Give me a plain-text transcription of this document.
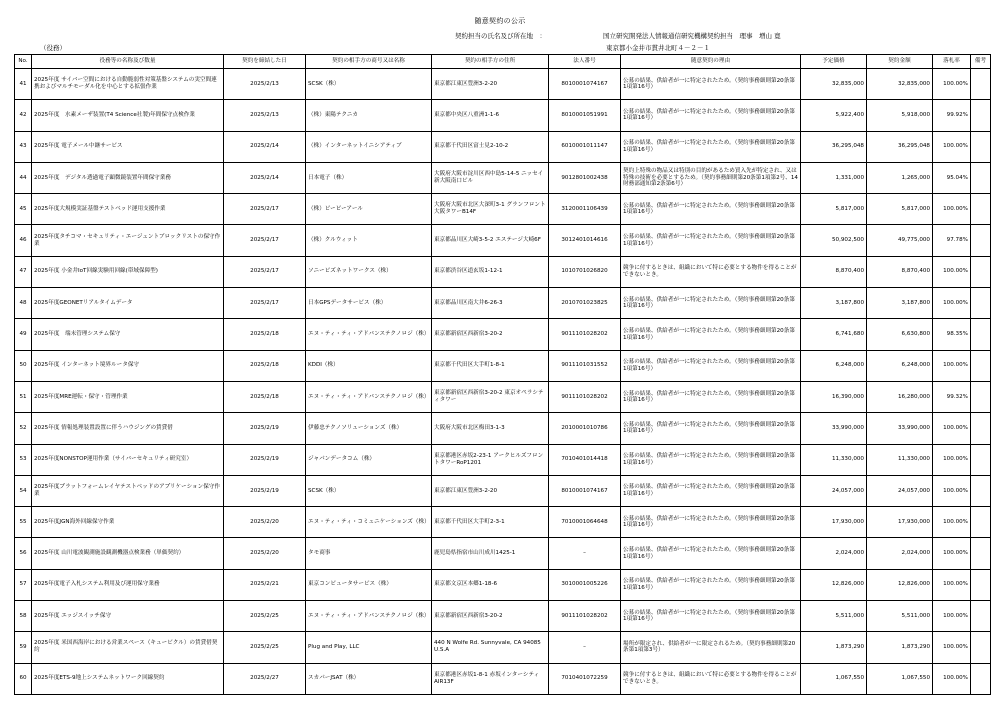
随意契約の公示
契約担当の氏名及び所在地　：	国立研究開発法人情報通信研究機構契約担当　理事　増山 寛
（役務）	東京都小金井市貫井北町４－２－１
No.	役務等の名称及び数量	契約を締結した日	契約の相手方の商号又は名称	契約の相手方の住所	法人番号	随意契約の理由	予定価格	契約金額	落札率	備考
41	2025年度 サイバー空間における自動脆弱性対策基盤システムの実空間連携およびマルチモーダル化を中心とする拡張作業	2025/2/13	SCSK（株）	東京都江東区豊洲3-2-20	8010001074167	公募の結果、供給者が一に特定されたため。（契約事務細則第20条第1項第16号）	32,835,000	32,835,000	100.00%	
42	2025年度　水素メーザ装置(T4 Science社製)年間保守点検作業	2025/2/13	（株）東陽テクニカ	東京都中央区八重洲1-1-6	8010001051991	公募の結果、供給者が一に特定されたため。（契約事務細則第20条第1項第16号）	5,922,400	5,918,000	99.92%	
43	2025年度 電子メール中継サービス	2025/2/14	（株）インターネットイニシアティブ	東京都千代田区富士見2-10-2	6010001011147	公募の結果、供給者が一に特定されたため。（契約事務細則第20条第1項第16号）	36,295,048	36,295,048	100.00%	
44	2025年度　デジタル透過電子顕微鏡装置年間保守業務	2025/2/14	日本電子（株）	大阪府大阪市淀川区西中島5-14-5 ニッセイ新大阪南口ビル	9012801002438	契約上特殊の物品又は特別の目的があるため買入先が特定され、又は特殊の技術を必要とするため。（契約事務細則第20条第1項第2号、14財務部通知第2条第6号）	1,331,000	1,265,000	95.04%	
45	2025年度大規模実証基盤テストベッド運用支援作業	2025/2/17	（株）ビーピーアール	大阪府大阪市北区大深町3-1 グランフロント大阪タワーB14F	3120001106439	公募の結果、供給者が一に特定されたため。（契約事務細則第20条第1項第16号）	5,817,000	5,817,000	100.00%	
46	2025年度タチコマ・セキュリティ・エージェントブロックリストの保守作業	2025/2/17	（株）クルウィット	東京都品川区大崎3-5-2 エステージ大崎6F	3012401014616	公募の結果、供給者が一に特定されたため。（契約事務細則第20条第1項第16号）	50,902,500	49,775,000	97.78%	
47	2025年度 小金井IoT回線実験用回線(帯域保障型)	2025/2/17	ソニービズネットワークス（株）	東京都渋谷区道玄坂1-12-1	1010701026820	競争に付するときは、組織において特に必要とする物件を得ることができないとき。	8,870,400	8,870,400	100.00%	
48	2025年度GEONETリアルタイムデータ	2025/2/17	日本GPSデータサービス（株）	東京都品川区南大井6-26-3	2010701023825	公募の結果、供給者が一に特定されたため。（契約事務細則第20条第1項第16号）	3,187,800	3,187,800	100.00%	
49	2025年度　端末管理システム保守	2025/2/18	エヌ・ティ・ティ・アドバンステクノロジ（株）	東京都新宿区西新宿3-20-2	9011101028202	公募の結果、供給者が一に特定されたため。（契約事務細則第20条第1項第16号）	6,741,680	6,630,800	98.35%	
50	2025年度 インターネット境界ルータ保守	2025/2/18	KDDI（株）	東京都千代田区大手町1-8-1	9011101031552	公募の結果、供給者が一に特定されたため。（契約事務細則第20条第1項第16号）	6,248,000	6,248,000	100.00%	
51	2025年度MRE運転・保守・管理作業	2025/2/18	エヌ・ティ・ティ・アドバンステクノロジ（株）	東京都新宿区西新宿3-20-2 東京オペラシティタワー	9011101028202	公募の結果、供給者が一に特定されたため。（契約事務細則第20条第1項第16号）	16,390,000	16,280,000	99.32%	
52	2025年度 情報処理装置設置に伴うハウジングの賃貸借	2025/2/19	伊藤忠テクノソリューションズ（株）	大阪府大阪市北区梅田3-1-3	2010001010786	公募の結果、供給者が一に特定されたため。（契約事務細則第20条第1項第16号）	33,990,000	33,990,000	100.00%	
53	2025年度NONSTOP運用作業（サイバーセキュリティ研究室）	2025/2/19	ジャパンデータコム（株）	東京都港区赤坂2-23-1 アークヒルズフロントタワーRoP1201	7010401014418	公募の結果、供給者が一に特定されたため。（契約事務細則第20条第1項第16号）	11,330,000	11,330,000	100.00%	
54	2025年度プラットフォームレイヤテストベッドのアプリケーション保守作業	2025/2/19	SCSK（株）	東京都江東区豊洲3-2-20	8010001074167	公募の結果、供給者が一に特定されたため。（契約事務細則第20条第1項第16号）	24,057,000	24,057,000	100.00%	
55	2025年度JGN海外回線保守作業	2025/2/20	エヌ・ティ・ティ・コミュニケーションズ（株）	東京都千代田区大手町2-3-1	7010001064648	公募の結果、供給者が一に特定されたため。（契約事務細則第20条第1項第16号）	17,930,000	17,930,000	100.00%	
56	2025年度 山川電波観測施設観測機器点検業務（単価契約）	2025/2/20	タモ商事	鹿児島県指宿市山川成川1425-1	–	公募の結果、供給者が一に特定されたため。（契約事務細則第20条第1項第16号）	2,024,000	2,024,000	100.00%	
57	2025年度電子入札システム利用及び運用保守業務	2025/2/21	東京コンピュータサービス（株）	東京都文京区本郷1-18-6	3010001005226	公募の結果、供給者が一に特定されたため。（契約事務細則第20条第1項第16号）	12,826,000	12,826,000	100.00%	
58	2025年度 エッジスイッチ保守	2025/2/25	エヌ・ティ・ティ・アドバンステクノロジ（株）	東京都新宿区西新宿3-20-2	9011101028202	公募の結果、供給者が一に特定されたため。（契約事務細則第20条第1項第16号）	5,511,000	5,511,000	100.00%	
59	2025年度 米国西海岸における営業スペース（キュービクル）の賃貸借契約	2025/2/25	Plug and Play, LLC	440 N Wolfe Rd. Sunnyvale, CA 94085 U.S.A	–	場所が限定され、供給者が一に限定されるため。（契約事務細則第20条第1項第3号）	1,873,290	1,873,290	100.00%	
60	2025年度ETS-9地上システムネットワーク回線契約	2025/2/27	スカパーJSAT（株）	東京都港区赤坂1-8-1 赤坂インターシティAIR13F	7010401072259	競争に付するときは、組織において特に必要とする物件を得ることができないとき。	1,067,550	1,067,550	100.00%	
